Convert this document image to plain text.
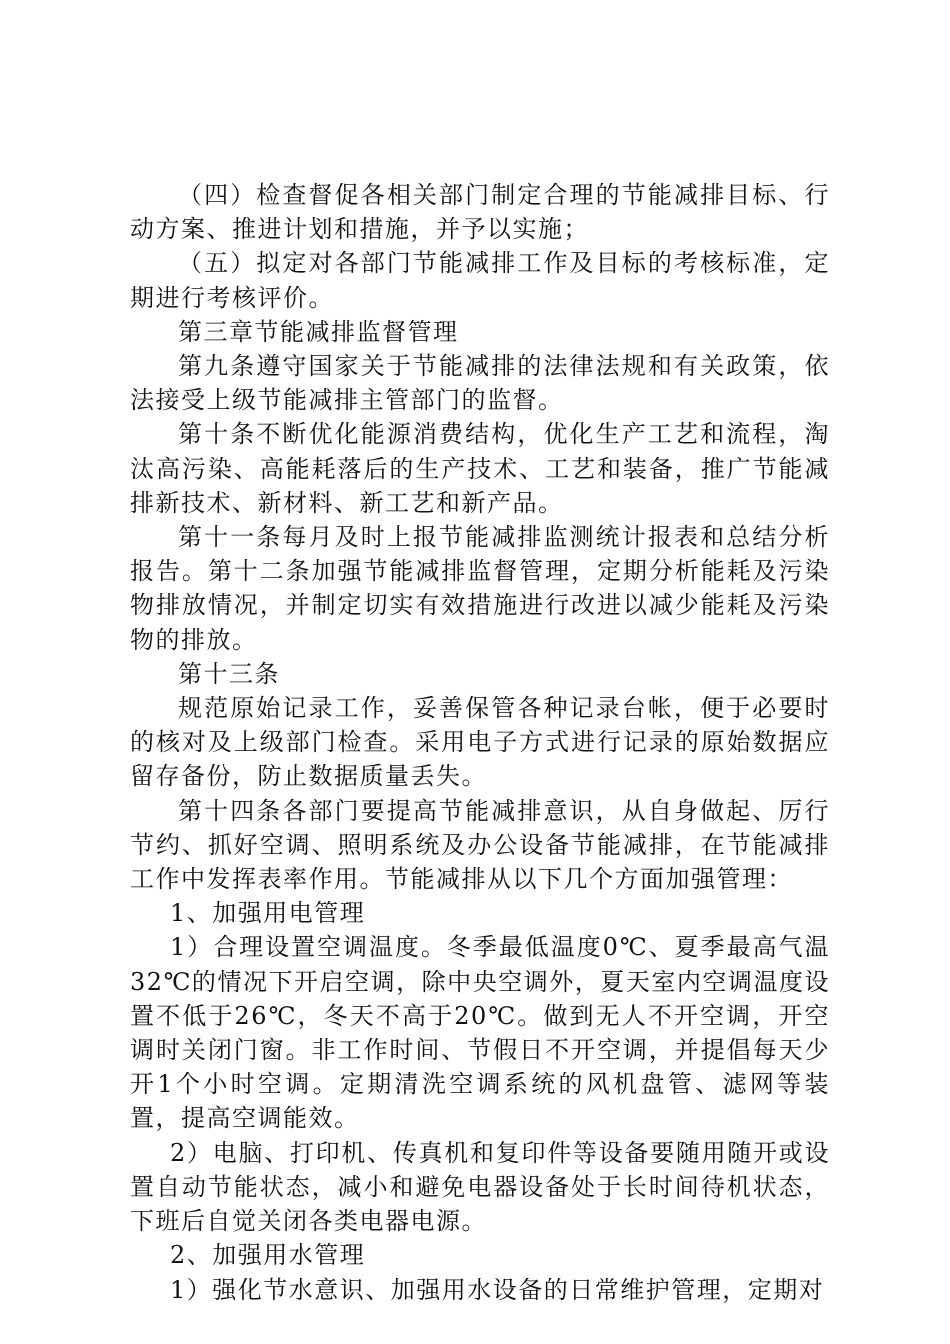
（四）检查督促各相关部门制定合理的节能减排目标、行动方案、推进计划和措施，并予以实施；

（五）拟定对各部门节能减排工作及目标的考核标准，定期进行考核评价。

第三章节能减排监督管理

第九条遵守国家关于节能减排的法律法规和有关政策，依法接受上级节能减排主管部门的监督。

第十条不断优化能源消费结构，优化生产工艺和流程，淘汰高污染、高能耗落后的生产技术、工艺和装备，推广节能减排新技术、新材料、新工艺和新产品。

第十一条每月及时上报节能减排监测统计报表和总结分析报告。第十二条加强节能减排监督管理，定期分析能耗及污染物排放情况，并制定切实有效措施进行改进以减少能耗及污染物的排放。

第十三条

规范原始记录工作，妥善保管各种记录台帐，便于必要时的核对及上级部门检查。采用电子方式进行记录的原始数据应留存备份，防止数据质量丢失。

第十四条各部门要提高节能减排意识，从自身做起、厉行节约、抓好空调、照明系统及办公设备节能减排，在节能减排工作中发挥表率作用。节能减排从以下几个方面加强管理：

1、加强用电管理

1）合理设置空调温度。冬季最低温度0℃、夏季最高气温32℃的情况下开启空调，除中央空调外，夏天室内空调温度设置不低于26℃，冬天不高于20℃。做到无人不开空调，开空调时关闭门窗。非工作时间、节假日不开空调，并提倡每天少开1个小时空调。定期清洗空调系统的风机盘管、滤网等装置，提高空调能效。

2）电脑、打印机、传真机和复印件等设备要随用随开或设置自动节能状态，减小和避免电器设备处于长时间待机状态，下班后自觉关闭各类电器电源。

2、加强用水管理

1）强化节水意识、加强用水设备的日常维护管理，定期对
